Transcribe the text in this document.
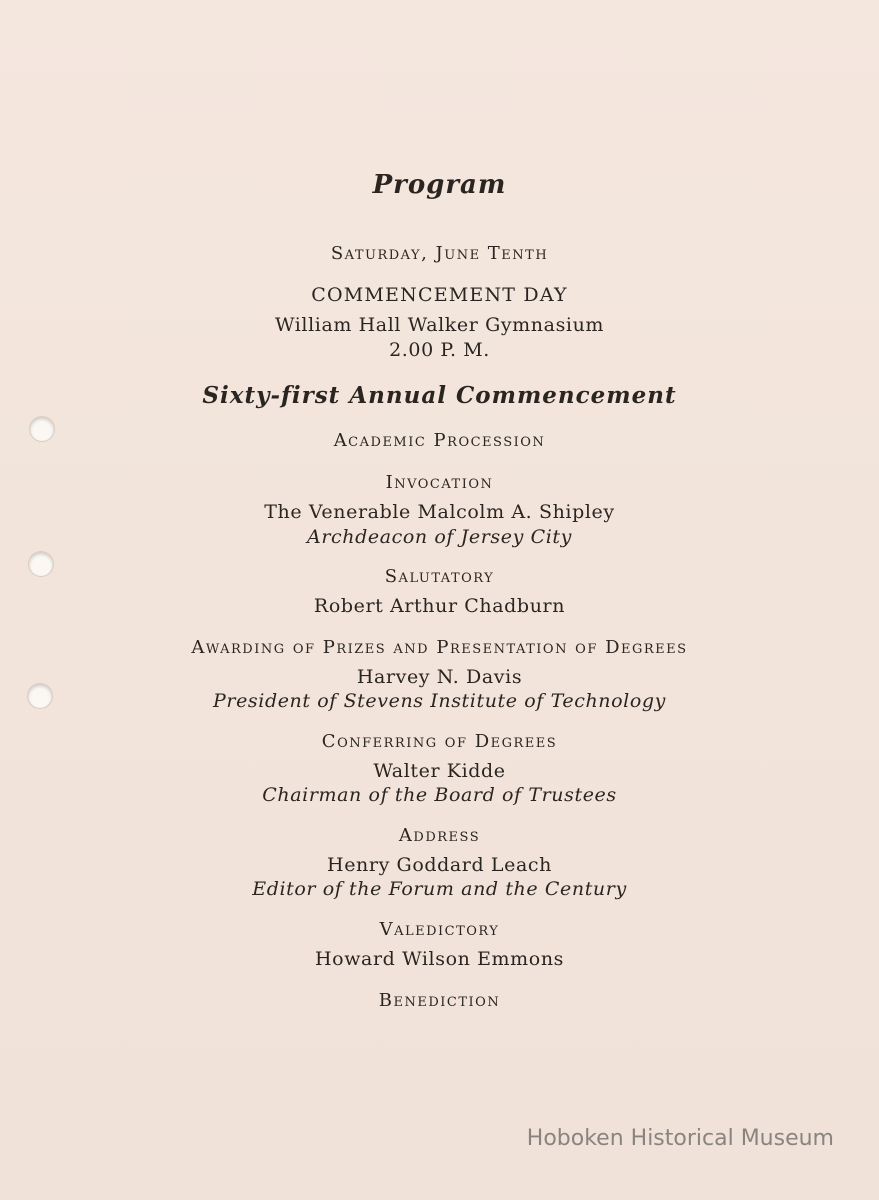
Program
Saturday, June Tenth
COMMENCEMENT DAY
William Hall Walker Gymnasium
2.00 P. M.
Sixty-first Annual Commencement
Academic Procession
Invocation
The Venerable Malcolm A. Shipley
Archdeacon of Jersey City
Salutatory
Robert Arthur Chadburn
Awarding of Prizes and Presentation of Degrees
Harvey N. Davis
President of Stevens Institute of Technology
Conferring of Degrees
Walter Kidde
Chairman of the Board of Trustees
Address
Henry Goddard Leach
Editor of the Forum and the Century
Valedictory
Howard Wilson Emmons
Benediction
Hoboken Historical Museum
